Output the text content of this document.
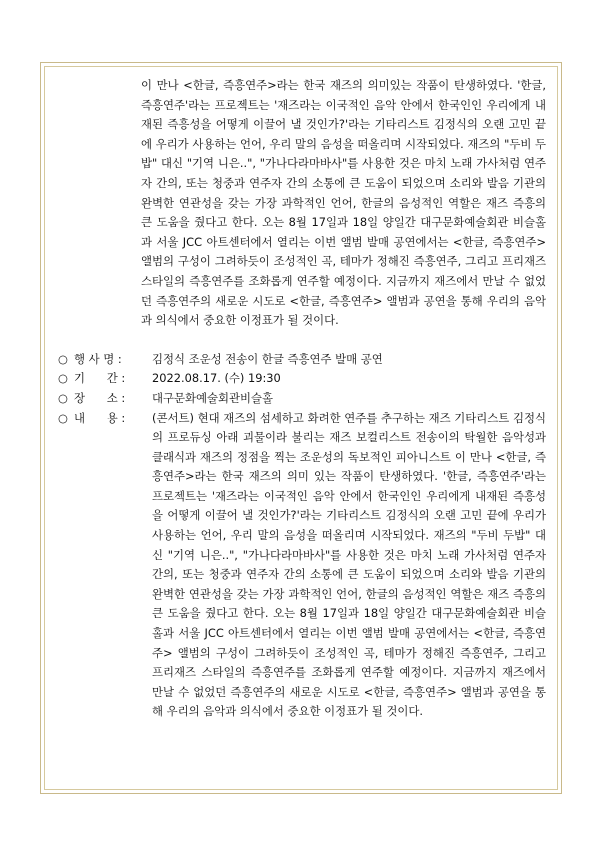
이 만나 <한글, 즉흥연주>라는 한국 재즈의 의미있는 작품이 탄생하였다. '한글, 즉흥연주'라는 프로젝트는 '재즈라는 이국적인 음악 안에서 한국인인 우리에게 내재된 즉흥성을 어떻게 이끌어 낼 것인가?'라는 기타리스트 김정식의 오랜 고민 끝에 우리가 사용하는 언어, 우리 말의 음성을 떠올리며 시작되었다. 재즈의 "두비 두밥" 대신 "기역 니은..", "가나다라마바사"를 사용한 것은 마치 노래 가사처럼 연주자 간의, 또는 청중과 연주자 간의 소통에 큰 도움이 되었으며 소리와 발음 기관의 완벽한 연관성을 갖는 가장 과학적인 언어, 한글의 음성적인 역할은 재즈 즉흥의 큰 도움을 줬다고 한다. 오는 8월 17일과 18일 양일간 대구문화예술회관 비슬홀과 서울 JCC 아트센터에서 열리는 이번 앨범 발매 공연에서는 <한글, 즉흥연주> 앨범의 구성이 그려하듯이 조성적인 곡, 테마가 정해진 즉흥연주, 그리고 프리재즈 스타일의 즉흥연주를 조화롭게 연주할 예정이다. 지금까지 재즈에서 만날 수 없었던 즉흥연주의 새로운 시도로 <한글, 즉흥연주> 앨범과 공연을 통해 우리의 음악과 의식에서 중요한 이정표가 될 것이다.
○ 행 사 명 :	김정식 조운성 전송이 한글 즉흥연주 발매 공연
○ 기      간 :	2022.08.17. (수) 19:30
○ 장      소 :	대구문화예술회관비슬홀
○ 내      용 :	(콘서트) 현대 재즈의 섬세하고 화려한 연주를 추구하는 재즈 기타리스트 김정식의 프로듀싱 아래 괴물이라 불리는 재즈 보컬리스트 전송이의 탁월한 음악성과 클래식과 재즈의 정점을 찍는 조운성의 독보적인 피아니스트 이 만나 <한글, 즉흥연주>라는 한국 재즈의 의미 있는 작품이 탄생하였다. '한글, 즉흥연주'라는 프로젝트는 '재즈라는 이국적인 음악 안에서 한국인인 우리에게 내재된 즉흥성을 어떻게 이끌어 낼 것인가?'라는 기타리스트 김정식의 오랜 고민 끝에 우리가 사용하는 언어, 우리 말의 음성을 떠올리며 시작되었다. 재즈의 "두비 두밥" 대신 "기역 니은..", "가나다라마바사"를 사용한 것은 마치 노래 가사처럼 연주자 간의, 또는 청중과 연주자 간의 소통에 큰 도움이 되었으며 소리와 발음 기관의 완벽한 연관성을 갖는 가장 과학적인 언어, 한글의 음성적인 역할은 재즈 즉흥의 큰 도움을 줬다고 한다. 오는 8월 17일과 18일 양일간 대구문화예술회관 비슬홀과 서울 JCC 아트센터에서 열리는 이번 앨범 발매 공연에서는 <한글, 즉흥연주> 앨범의 구성이 그려하듯이 조성적인 곡, 테마가 정해진 즉흥연주, 그리고 프리재즈 스타일의 즉흥연주를 조화롭게 연주할 예정이다. 지금까지 재즈에서 만날 수 없었던 즉흥연주의 새로운 시도로 <한글, 즉흥연주> 앨범과 공연을 통해 우리의 음악과 의식에서 중요한 이정표가 될 것이다.
